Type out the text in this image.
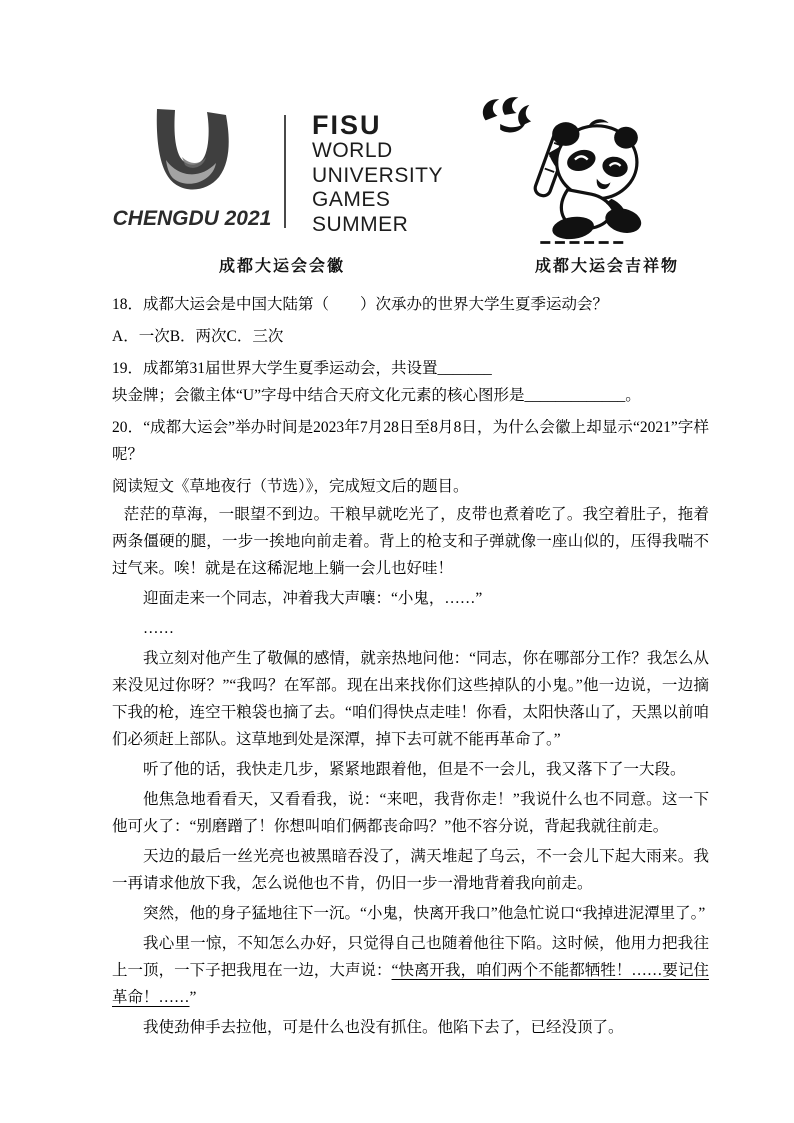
CHENGDU 2021
FISU
WORLD
UNIVERSITY
GAMES
SUMMER
成都大运会会徽	成都大运会吉祥物
18．成都大运会是中国大陆第（　　）次承办的世界大学生夏季运动会？
A．一次B．两次C．三次
19．成都第31届世界大学生夏季运动会，共设置_______
块金牌；会徽主体“U”字母中结合天府文化元素的核心图形是_____________。
20．“成都大运会”举办时间是2023年7月28日至8月8日，为什么会徽上却显示“2021”字样呢？
阅读短文《草地夜行（节选）》，完成短文后的题目。

茫茫的草海，一眼望不到边。干粮早就吃光了，皮带也煮着吃了。我空着肚子，拖着两条僵硬的腿，一步一挨地向前走着。背上的枪支和子弹就像一座山似的，压得我喘不过气来。唉！就是在这稀泥地上躺一会儿也好哇！

迎面走来一个同志，冲着我大声嚷：“小鬼，……”

……

我立刻对他产生了敬佩的感情，就亲热地问他：“同志，你在哪部分工作？我怎么从来没见过你呀？”“我吗？在军部。现在出来找你们这些掉队的小鬼。”他一边说，一边摘下我的枪，连空干粮袋也摘了去。“咱们得快点走哇！你看，太阳快落山了，天黑以前咱们必须赶上部队。这草地到处是深潭，掉下去可就不能再革命了。”

听了他的话，我快走几步，紧紧地跟着他，但是不一会儿，我又落下了一大段。

他焦急地看看天，又看看我，说：“来吧，我背你走！”我说什么也不同意。这一下他可火了：“别磨蹭了！你想叫咱们俩都丧命吗？”他不容分说，背起我就往前走。

天边的最后一丝光亮也被黑暗吞没了，满天堆起了乌云，不一会儿下起大雨来。我一再请求他放下我，怎么说他也不肯，仍旧一步一滑地背着我向前走。

突然，他的身子猛地往下一沉。“小鬼，快离开我口”他急忙说口“我掉进泥潭里了。”

我心里一惊，不知怎么办好，只觉得自己也随着他往下陷。这时候，他用力把我往上一顶，一下子把我甩在一边，大声说：“快离开我，咱们两个不能都牺牲！……要记住革命！……”

我使劲伸手去拉他，可是什么也没有抓住。他陷下去了，已经没顶了。
